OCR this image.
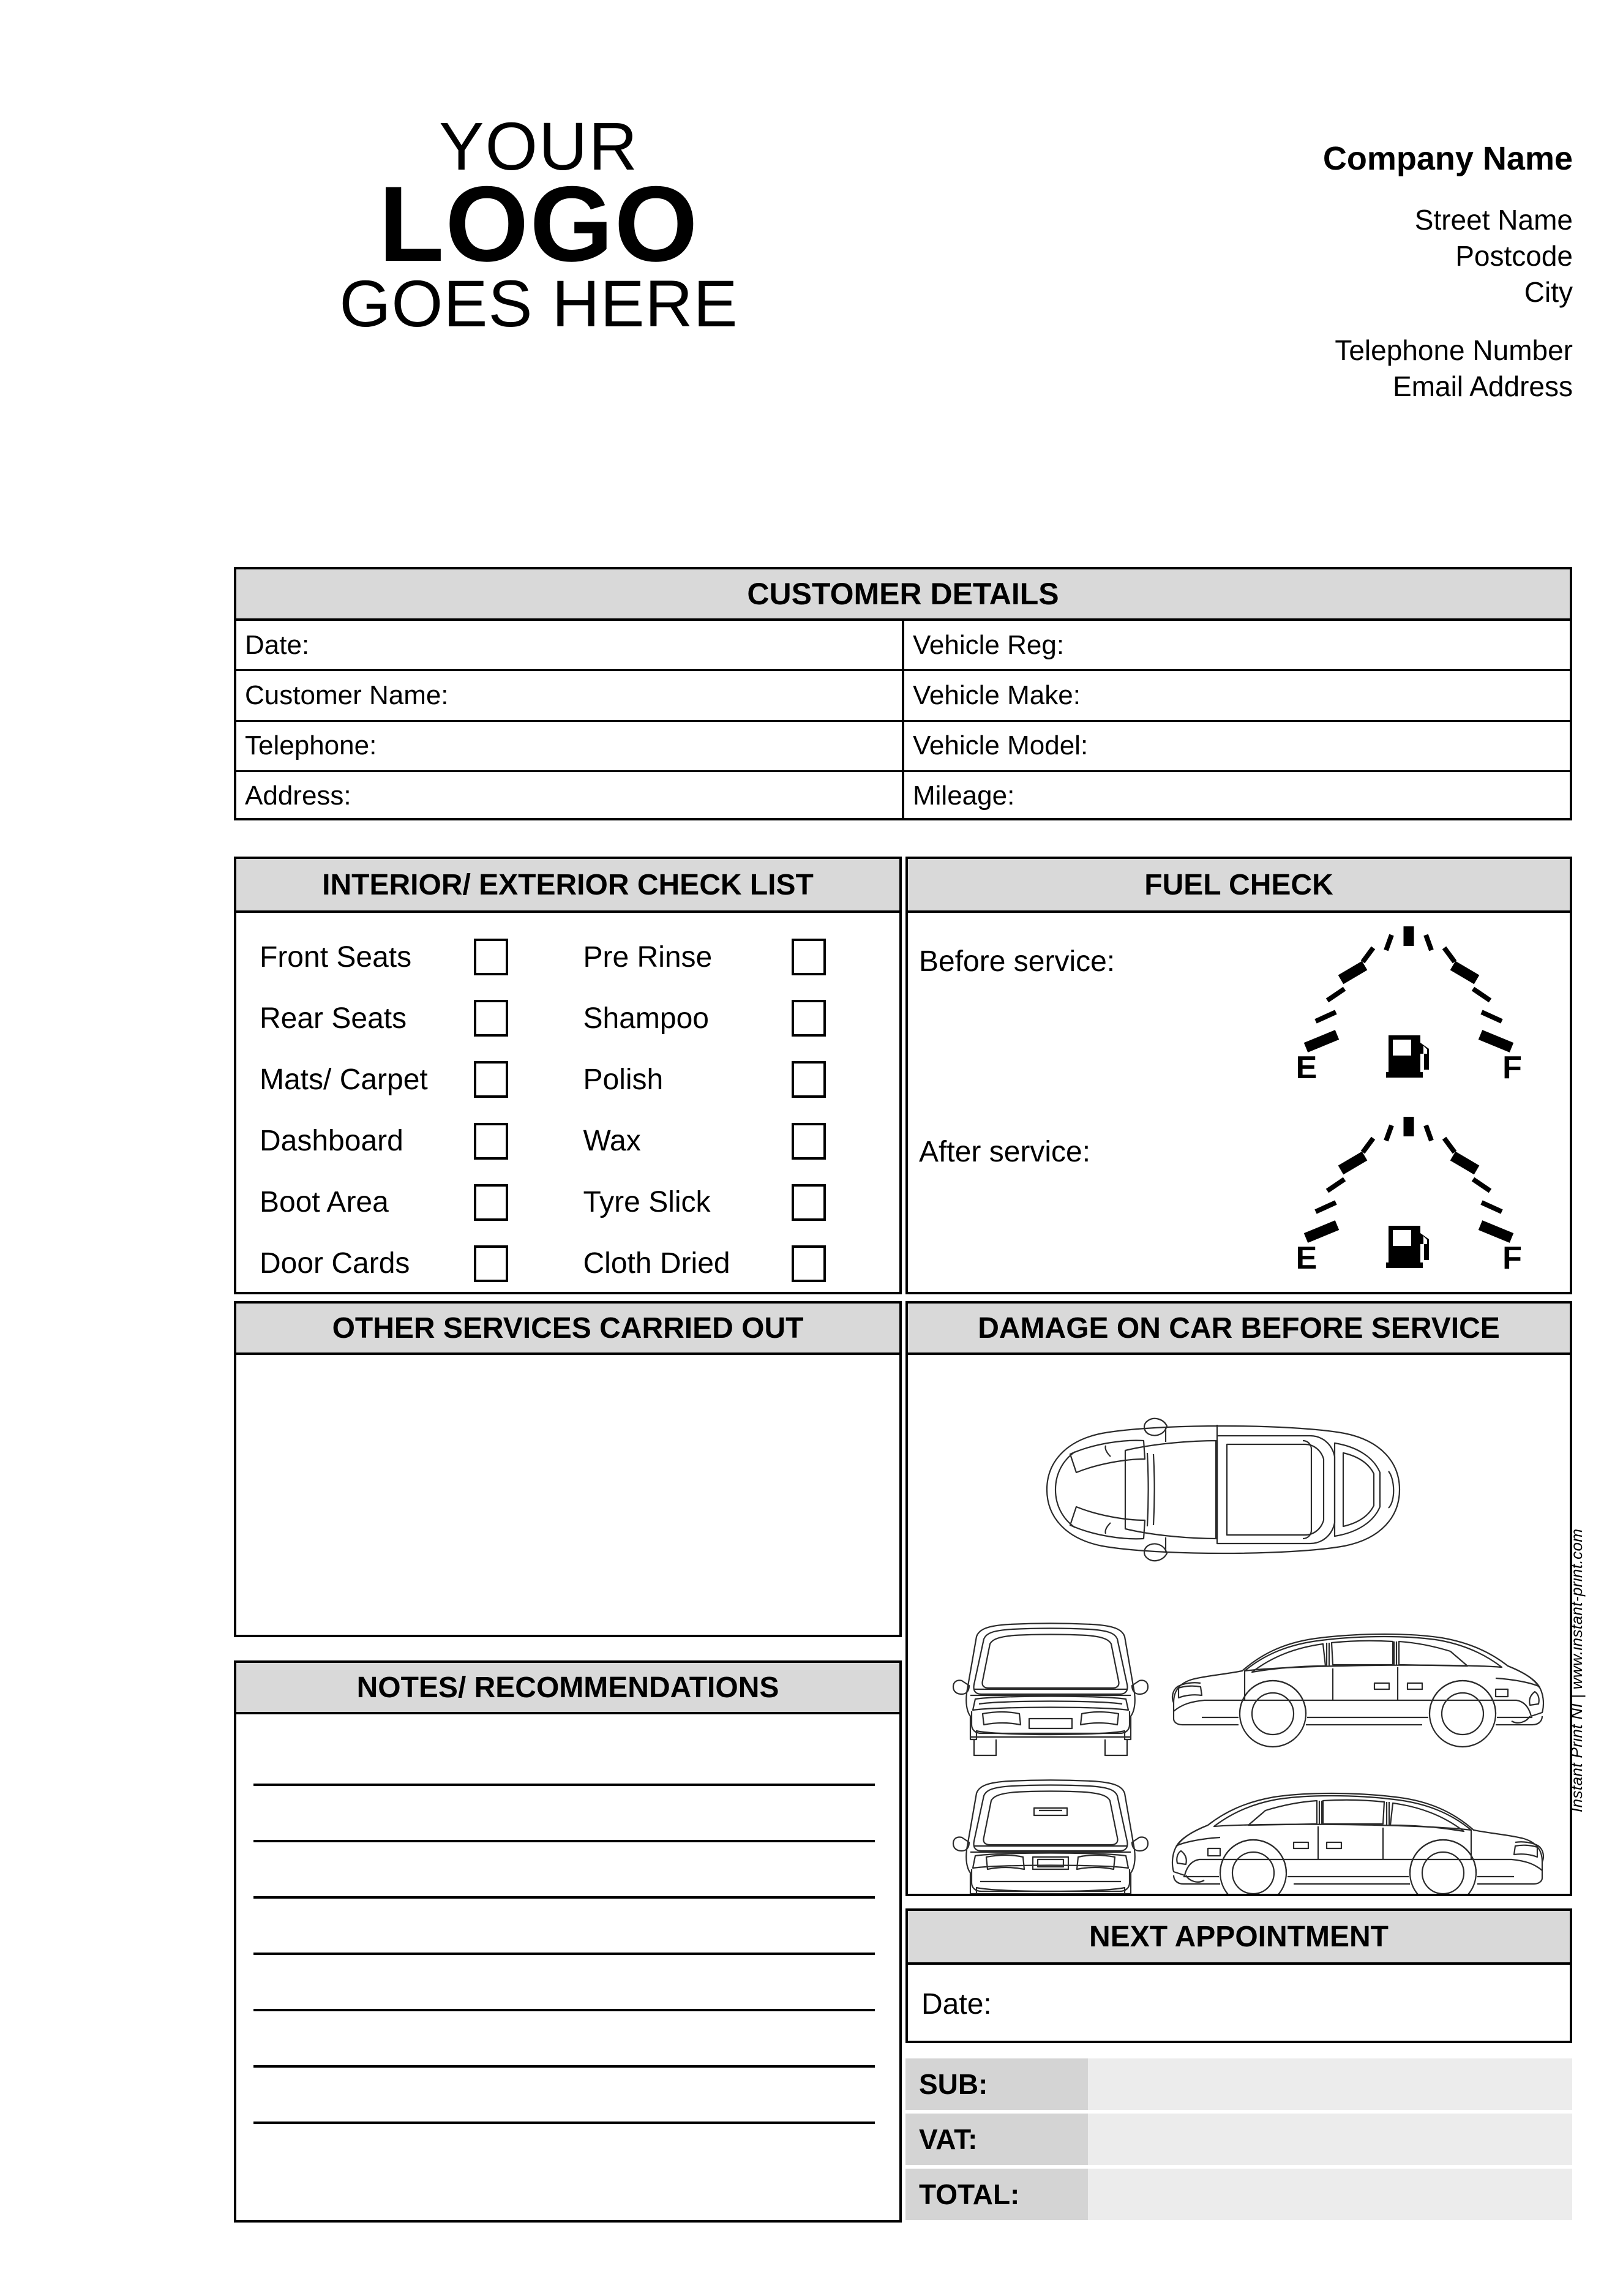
YOUR
LOGO
GOES HERE
Company Name
Street Name
Postcode
City
Telephone Number
Email Address
CUSTOMER DETAILS
Date:
Customer Name:
Telephone:
Address:
Vehicle Reg:
Vehicle Make:
Vehicle Model:
Mileage:
INTERIOR/ EXTERIOR CHECK LIST
Front Seats
Rear Seats
Mats/ Carpet
Dashboard
Boot Area
Door Cards
Pre Rinse
Shampoo
Polish
Wax
Tyre Slick
Cloth Dried
FUEL CHECK
Before service:
E	F
After service:
E	F
OTHER SERVICES CARRIED OUT
NOTES/ RECOMMENDATIONS
DAMAGE ON CAR BEFORE SERVICE
NEXT APPOINTMENT
Date:
SUB:
VAT:
TOTAL:
Instant Print NI | www.instant-print.com
